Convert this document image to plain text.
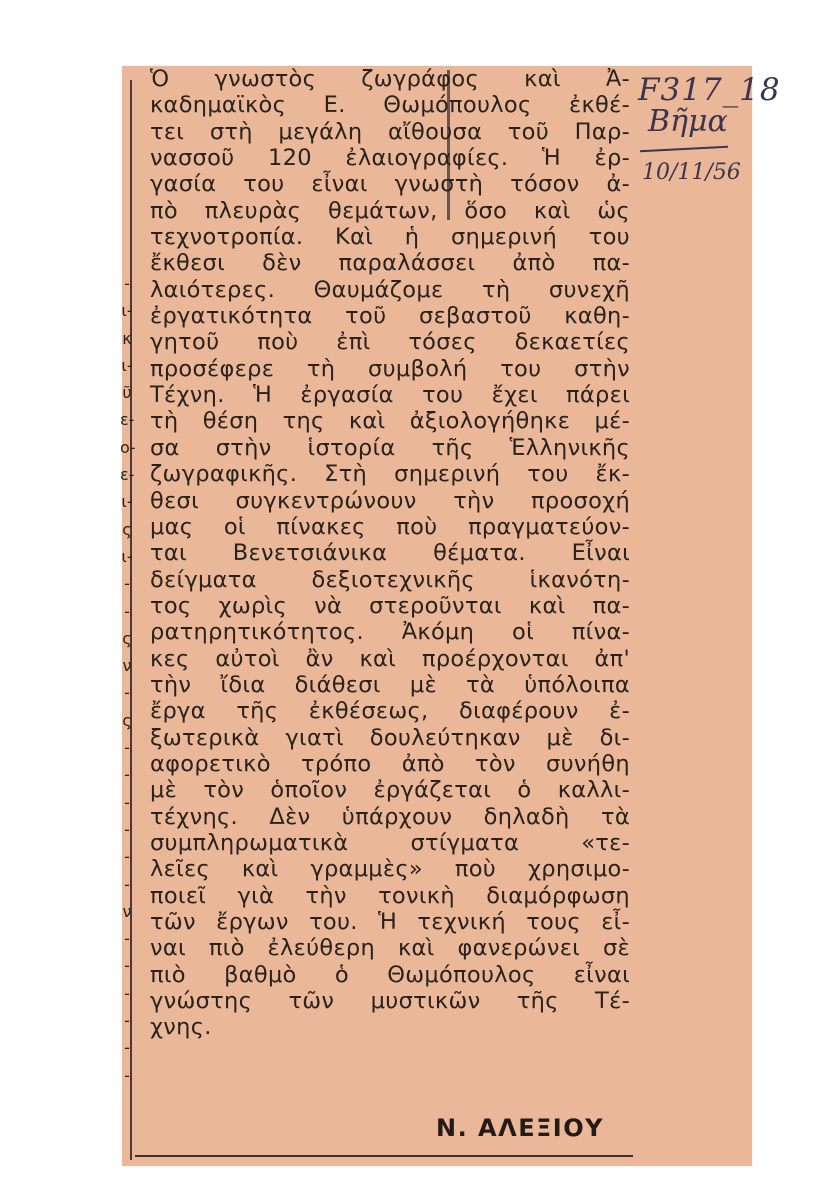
-
ι-
κ
ι-
ῦ
ε-
ο-
ε-
ι-
ς
ι-
-
-
ς
ν
-
ς
-
-
-
-
-
-
ν
-
-
-
-
-
-
Ὁ γνωστὸς ζωγράφος καὶ Ἀ-
καδημαϊκὸς Ε. Θωμόπουλος ἐκθέ-
τει στὴ μεγάλη αἴθουσα τοῦ Παρ-
νασσοῦ 120 ἐλαιογραφίες. Ἡ ἐρ-
γασία του εἶναι γνωστὴ τόσον ἀ-
πὸ πλευρὰς θεμάτων, ὅσο καὶ ὡς
τεχνοτροπία. Καὶ ἡ σημερινή του
ἔκθεσι δὲν παραλάσσει ἀπὸ πα-
λαιότερες. Θαυμάζομε τὴ συνεχῆ
ἐργατικότητα τοῦ σεβαστοῦ καθη-
γητοῦ ποὺ ἐπὶ τόσες δεκαετίες
προσέφερε τὴ συμβολή του στὴν
Τέχνη. Ἡ ἐργασία του ἔχει πάρει
τὴ θέση της καὶ ἀξιολογήθηκε μέ-
σα στὴν ἱστορία τῆς Ἑλληνικῆς
ζωγραφικῆς. Στὴ σημερινή του ἔκ-
θεσι συγκεντρώνουν τὴν προσοχή
μας οἱ πίνακες ποὺ πραγματεύον-
ται Βενετσιάνικα θέματα. Εἶναι
δείγματα δεξιοτεχνικῆς ἱκανότη-
τος χωρὶς νὰ στεροῦνται καὶ πα-
ρατηρητικότητος. Ἀκόμη οἱ πίνα-
κες αὐτοὶ ἂν καὶ προέρχονται ἀπ'
τὴν ἴδια διάθεσι μὲ τὰ ὑπόλοιπα
ἔργα τῆς ἐκθέσεως, διαφέρουν ἐ-
ξωτερικὰ γιατὶ δουλεύτηκαν μὲ δι-
αφορετικὸ τρόπο ἀπὸ τὸν συνήθη
μὲ τὸν ὁποῖον ἐργάζεται ὁ καλλι-
τέχνης. Δὲν ὑπάρχουν δηλαδὴ τὰ
συμπληρωματικὰ στίγματα «τε-
λεῖες καὶ γραμμὲς» ποὺ χρησιμο-
ποιεῖ γιὰ τὴν τονικὴ διαμόρφωση
τῶν ἔργων του. Ἡ τεχνική τους εἶ-
ναι πιὸ ἐλεύθερη καὶ φανερώνει σὲ
πιὸ βαθμὸ ὁ Θωμόπουλος εἶναι
γνώστης τῶν μυστικῶν τῆς Τέ-
χνης.
Ν. ΑΛΕΞΙΟΥ
F317_18
Βῆμα
10/11/56
